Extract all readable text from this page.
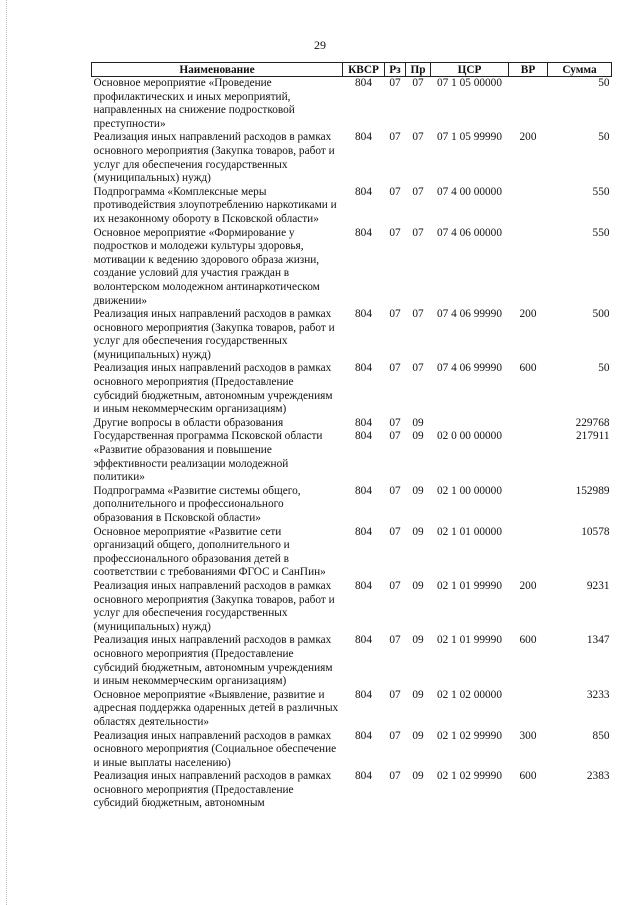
29
Наименование	КВСР	Рз	Пр	ЦСР	ВР	Сумма
Основное мероприятие «Проведение профилактических и иных мероприятий, направленных на снижение подростковой преступности»	804	07	07	07 1 05 00000		50
Реализация иных направлений расходов в рамках основного мероприятия (Закупка товаров, работ и услуг для обеспечения государственных (муниципальных) нужд)	804	07	07	07 1 05 99990	200	50
Подпрограмма «Комплексные меры противодействия злоупотреблению наркотиками и их незаконному обороту в Псковской области»	804	07	07	07 4 00 00000		550
Основное мероприятие «Формирование у подростков и молодежи культуры здоровья, мотивации к ведению здорового образа жизни, создание условий для участия граждан в волонтерском молодежном антинаркотическом движении»	804	07	07	07 4 06 00000		550
Реализация иных направлений расходов в рамках основного мероприятия (Закупка товаров, работ и услуг для обеспечения государственных (муниципальных) нужд)	804	07	07	07 4 06 99990	200	500
Реализация иных направлений расходов в рамках основного мероприятия (Предоставление субсидий бюджетным, автономным учреждениям и иным некоммерческим организациям)	804	07	07	07 4 06 99990	600	50
Другие вопросы в области образования	804	07	09			229768
Государственная программа Псковской области «Развитие образования и повышение эффективности реализации молодежной политики»	804	07	09	02 0 00 00000		217911
Подпрограмма «Развитие системы общего, дополнительного и профессионального образования в Псковской области»	804	07	09	02 1 00 00000		152989
Основное мероприятие «Развитие сети организаций общего, дополнительного и профессионального образования детей в соответствии с требованиями ФГОС и СанПин»	804	07	09	02 1 01 00000		10578
Реализация иных направлений расходов в рамках основного мероприятия (Закупка товаров, работ и услуг для обеспечения государственных (муниципальных) нужд)	804	07	09	02 1 01 99990	200	9231
Реализация иных направлений расходов в рамках основного мероприятия (Предоставление субсидий бюджетным, автономным учреждениям и иным некоммерческим организациям)	804	07	09	02 1 01 99990	600	1347
Основное мероприятие «Выявление, развитие и адресная поддержка одаренных детей в различных областях деятельности»	804	07	09	02 1 02 00000		3233
Реализация иных направлений расходов в рамках основного мероприятия (Социальное обеспечение и иные выплаты населению)	804	07	09	02 1 02 99990	300	850
Реализация иных направлений расходов в рамках основного мероприятия (Предоставление субсидий бюджетным, автономным	804	07	09	02 1 02 99990	600	2383
